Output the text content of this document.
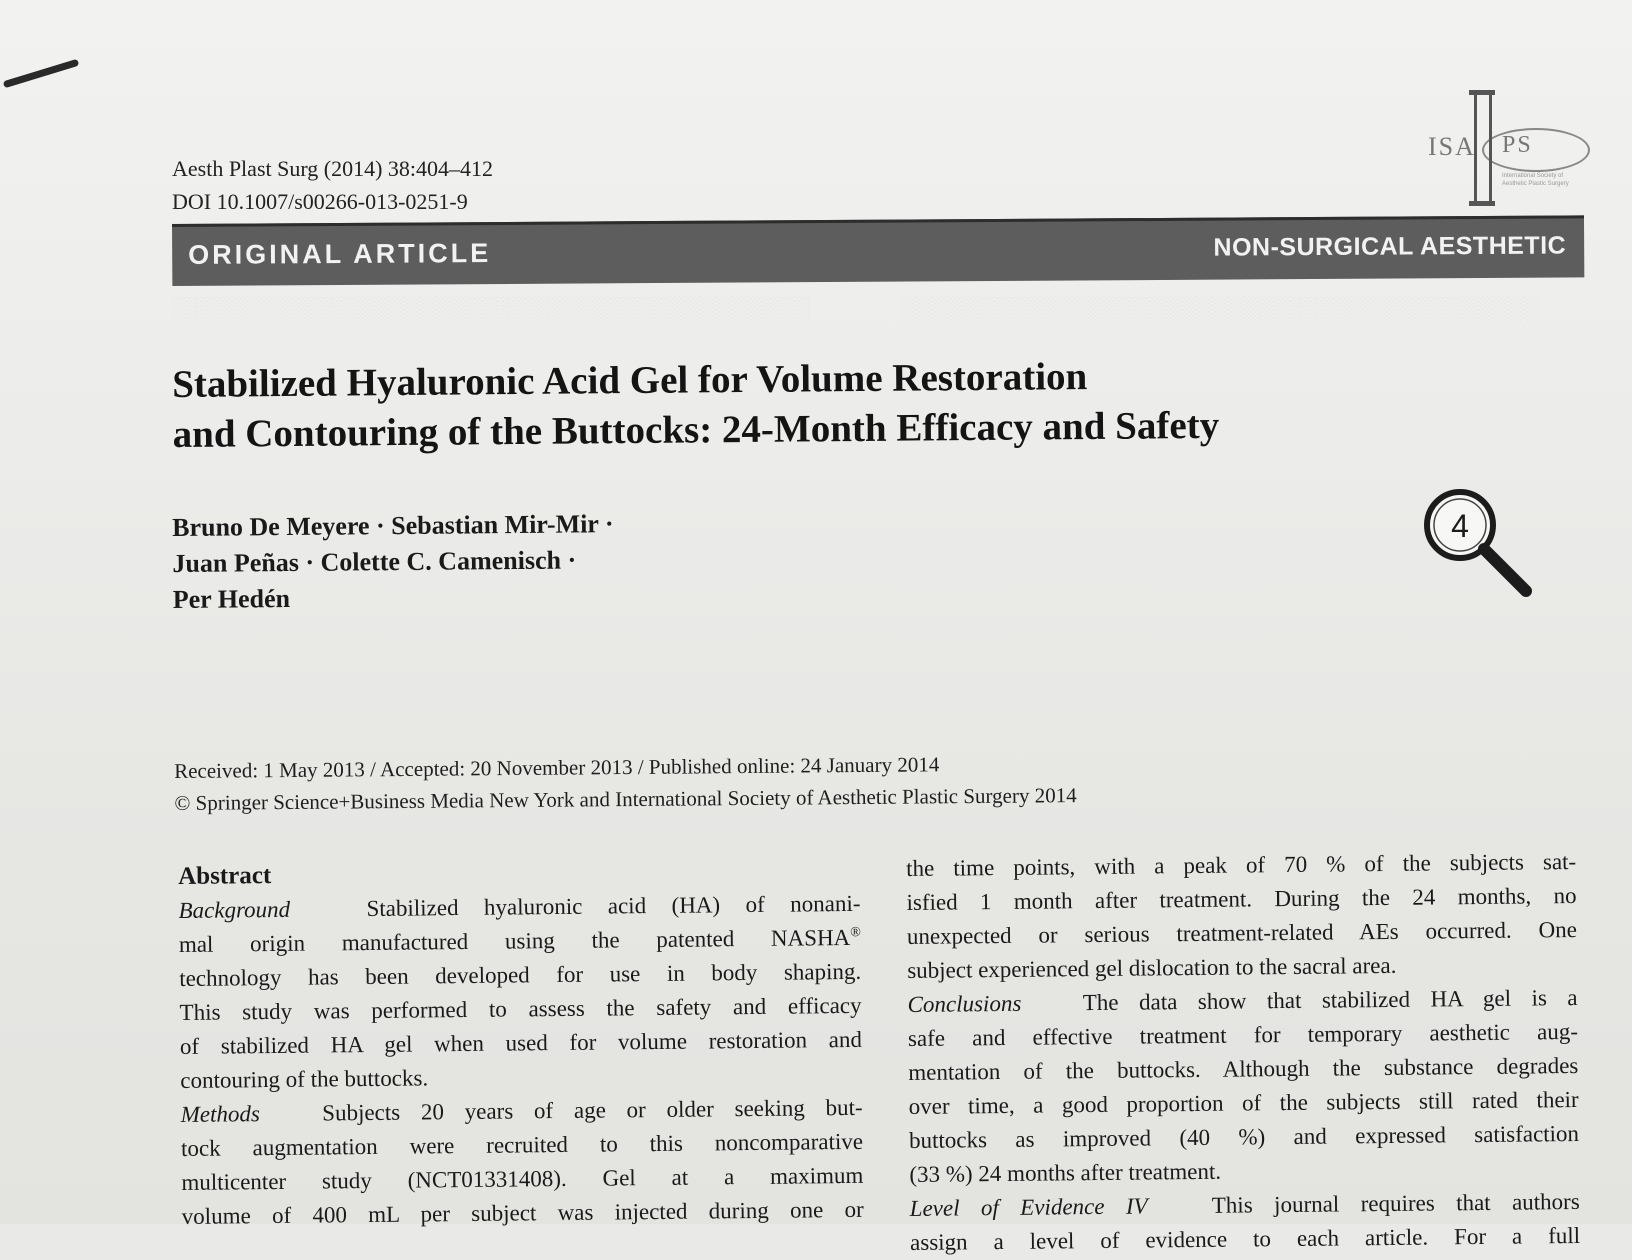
Aesth Plast Surg (2014) 38:404–412
DOI 10.1007/s00266-013-0251-9
ISA PS
International Society of Aesthetic Plastic Surgery
ORIGINAL ARTICLE	NON-SURGICAL AESTHETIC
░░░░░░░░░░░░░░░░░░░░░░░░░░░░░░░░░░░░░░░░░	░░░░░░░░░░░░░░░░░░░░░░░░░░░░░░░░░░░░░░░░░
Stabilized Hyaluronic Acid Gel for Volume Restoration
and Contouring of the Buttocks: 24-Month Efficacy and Safety
Bruno De Meyere · Sebastian Mir-Mir ·
Juan Peñas · Colette C. Camenisch ·
Per Hedén
4
Received: 1 May 2013 / Accepted: 20 November 2013 / Published online: 24 January 2014
© Springer Science+Business Media New York and International Society of Aesthetic Plastic Surgery 2014
Abstract
Background	Stabilized hyaluronic acid (HA) of nonani-
mal origin manufactured using the patented NASHA®
technology has been developed for use in body shaping.
This study was performed to assess the safety and efficacy
of stabilized HA gel when used for volume restoration and
contouring of the buttocks.
Methods	Subjects 20 years of age or older seeking but-
tock augmentation were recruited to this noncomparative
multicenter study (NCT01331408). Gel at a maximum
volume of 400 mL per subject was injected during one or
the time points, with a peak of 70 % of the subjects sat-
isfied 1 month after treatment. During the 24 months, no
unexpected or serious treatment-related AEs occurred. One
subject experienced gel dislocation to the sacral area.
Conclusions	The data show that stabilized HA gel is a
safe and effective treatment for temporary aesthetic aug-
mentation of the buttocks. Although the substance degrades
over time, a good proportion of the subjects still rated their
buttocks as improved (40 %) and expressed satisfaction
(33 %) 24 months after treatment.
Level of Evidence IV	This journal requires that authors
assign a level of evidence to each article. For a full
